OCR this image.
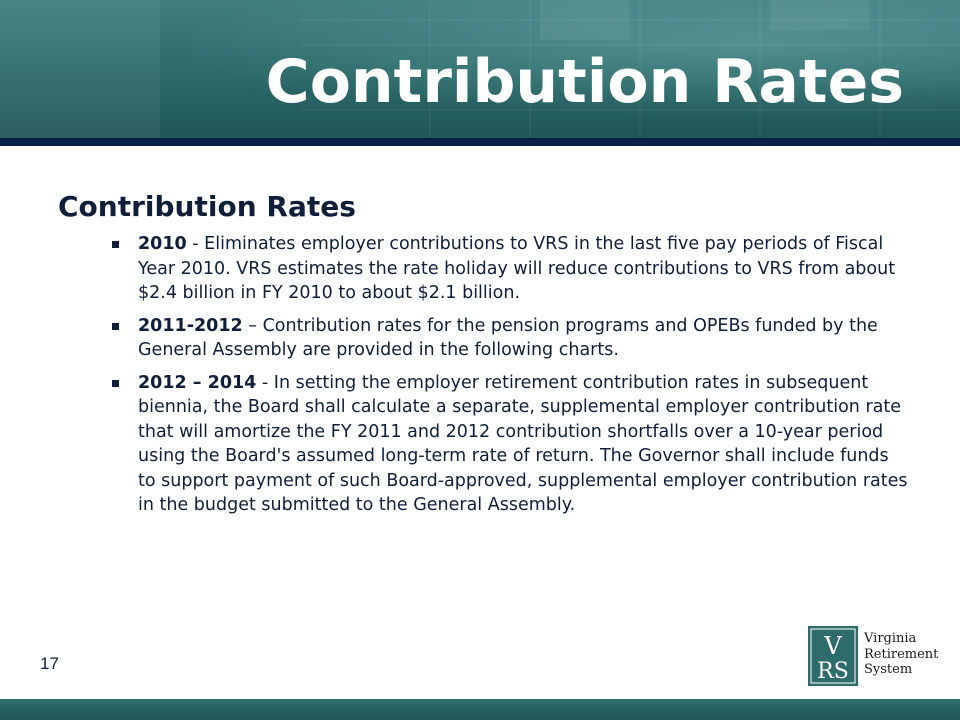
Contribution Rates
Contribution Rates
2010 - Eliminates employer contributions to VRS in the last five pay periods of Fiscal Year 2010. VRS estimates the rate holiday will reduce contributions to VRS from about $2.4 billion in FY 2010 to about $2.1 billion.
2011-2012 – Contribution rates for the pension programs and OPEBs funded by the General Assembly are provided in the following charts.
2012 – 2014 - In setting the employer retirement contribution rates in subsequent biennia, the Board shall calculate a separate, supplemental employer contribution rate that will amortize the FY 2011 and 2012 contribution shortfalls over a 10-year period using the Board's assumed long-term rate of return. The Governor shall include funds to support payment of such Board-approved, supplemental employer contribution rates in the budget submitted to the General Assembly.
17
V
RS
Virginia
Retirement
System
